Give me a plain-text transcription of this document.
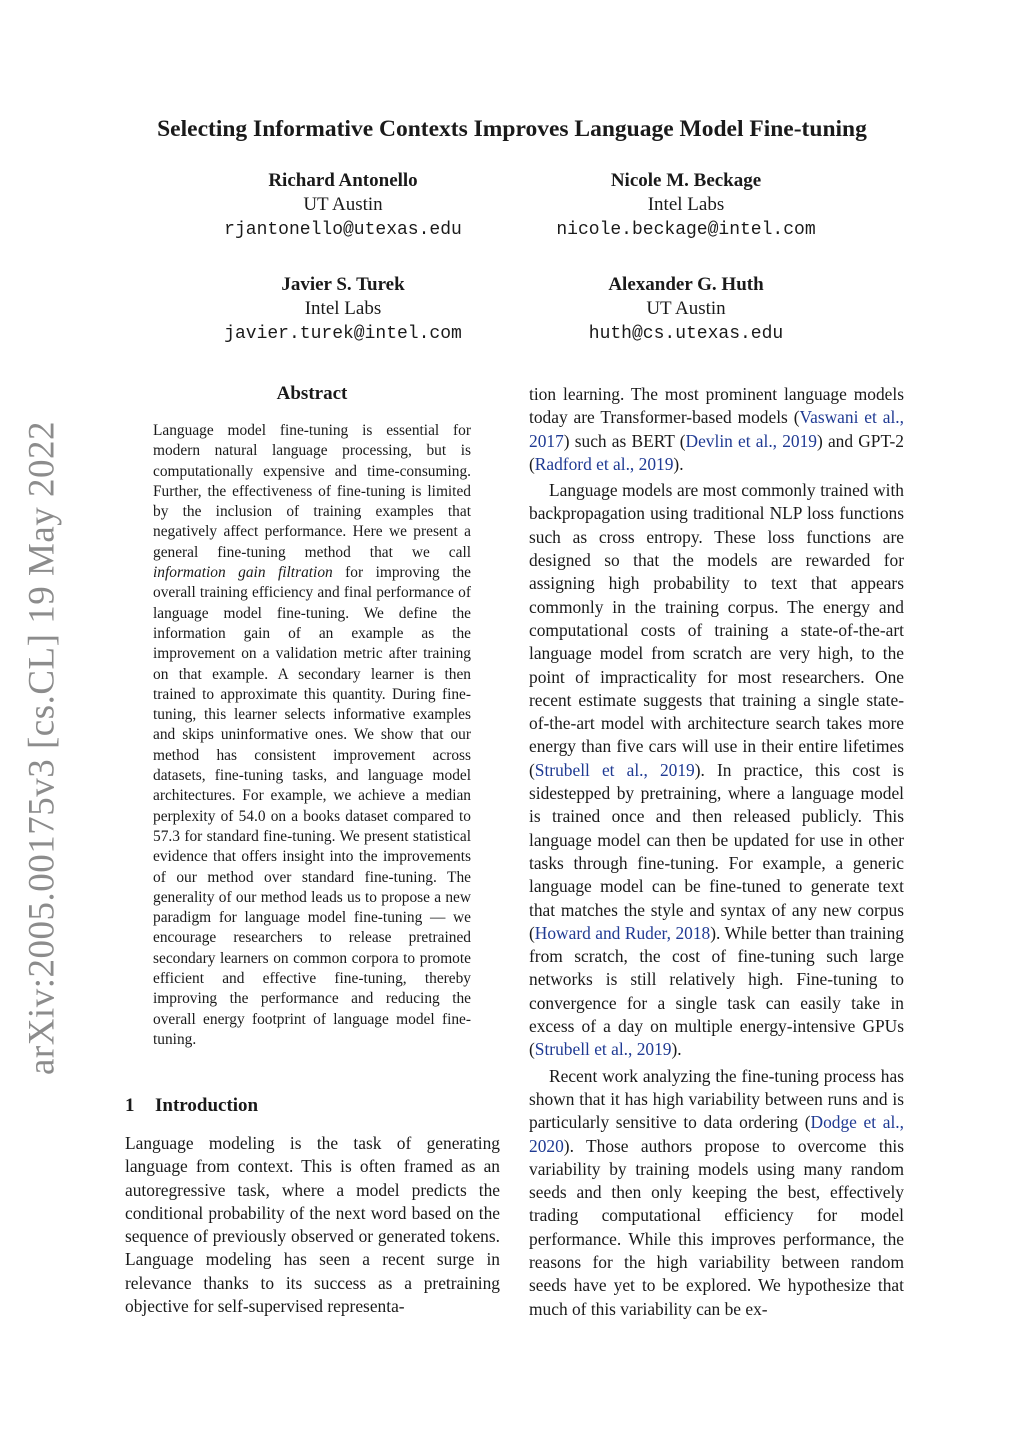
arXiv:2005.00175v3 [cs.CL] 19 May 2022
Selecting Informative Contexts Improves Language Model Fine-tuning
Richard Antonello
UT Austin
rjantonello@utexas.edu
Nicole M. Beckage
Intel Labs
nicole.beckage@intel.com
Javier S. Turek
Intel Labs
javier.turek@intel.com
Alexander G. Huth
UT Austin
huth@cs.utexas.edu
Abstract
Language model fine-tuning is essential for modern natural language processing, but is computationally expensive and time-consuming. Further, the effectiveness of fine-tuning is limited by the inclusion of training examples that negatively affect performance. Here we present a general fine-tuning method that we call information gain filtration for improving the overall training efficiency and final performance of language model fine-tuning. We define the information gain of an example as the improvement on a validation metric after training on that example. A secondary learner is then trained to approximate this quantity. During fine-tuning, this learner selects informative examples and skips uninformative ones. We show that our method has consistent improvement across datasets, fine-tuning tasks, and language model architectures. For example, we achieve a median perplexity of 54.0 on a books dataset compared to 57.3 for standard fine-tuning. We present statistical evidence that offers insight into the improvements of our method over standard fine-tuning. The generality of our method leads us to propose a new paradigm for language model fine-tuning — we encourage researchers to release pretrained secondary learners on common corpora to promote efficient and effective fine-tuning, thereby improving the performance and reducing the overall energy footprint of language model fine-tuning.
1 Introduction

Language modeling is the task of generating language from context. This is often framed as an autoregressive task, where a model predicts the conditional probability of the next word based on the sequence of previously observed or generated tokens. Language modeling has seen a recent surge in relevance thanks to its success as a pretraining objective for self-supervised representa-

tion learning. The most prominent language models today are Transformer-based models (Vaswani et al., 2017) such as BERT (Devlin et al., 2019) and GPT-2 (Radford et al., 2019).

Language models are most commonly trained with backpropagation using traditional NLP loss functions such as cross entropy. These loss functions are designed so that the models are rewarded for assigning high probability to text that appears commonly in the training corpus. The energy and computational costs of training a state-of-the-art language model from scratch are very high, to the point of impracticality for most researchers. One recent estimate suggests that training a single state-of-the-art model with architecture search takes more energy than five cars will use in their entire lifetimes (Strubell et al., 2019). In practice, this cost is sidestepped by pretraining, where a language model is trained once and then released publicly. This language model can then be updated for use in other tasks through fine-tuning. For example, a generic language model can be fine-tuned to generate text that matches the style and syntax of any new corpus (Howard and Ruder, 2018). While better than training from scratch, the cost of fine-tuning such large networks is still relatively high. Fine-tuning to convergence for a single task can easily take in excess of a day on multiple energy-intensive GPUs (Strubell et al., 2019).

Recent work analyzing the fine-tuning process has shown that it has high variability between runs and is particularly sensitive to data ordering (Dodge et al., 2020). Those authors propose to overcome this variability by training models using many random seeds and then only keeping the best, effectively trading computational efficiency for model performance. While this improves performance, the reasons for the high variability between random seeds have yet to be explored. We hypothesize that much of this variability can be ex-
